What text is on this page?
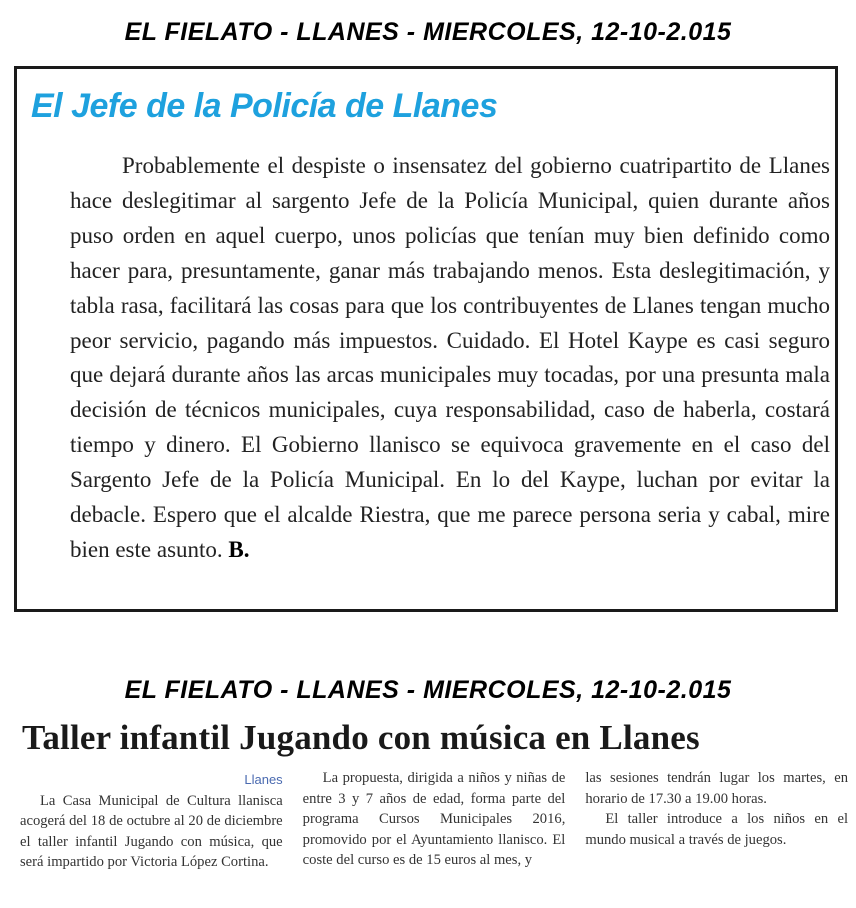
EL FIELATO - LLANES - MIERCOLES, 12-10-2.015
El Jefe de la Policía de Llanes
Probablemente el despiste o insensatez del gobierno cuatripartito de Llanes hace deslegitimar al sargento Jefe de la Policía Municipal, quien durante años puso orden en aquel cuerpo, unos policías que tenían muy bien definido como hacer para, presuntamente, ganar más trabajando menos. Esta deslegitimación, y tabla rasa, facilitará las cosas para que los contribuyentes de Llanes tengan mucho peor servicio, pagando más impuestos. Cuidado. El Hotel Kaype es casi seguro que dejará durante años las arcas municipales muy tocadas, por una presunta mala decisión de técnicos municipales, cuya responsabilidad, caso de haberla, costará tiempo y dinero. El Gobierno llanisco se equivoca gravemente en el caso del Sargento Jefe de la Policía Municipal. En lo del Kaype, luchan por evitar la debacle. Espero que el alcalde Riestra, que me parece persona seria y cabal, mire bien este asunto. B.
EL FIELATO - LLANES - MIERCOLES, 12-10-2.015
Taller infantil Jugando con música en Llanes
Llanes

La Casa Municipal de Cultura llanisca acogerá del 18 de octubre al 20 de diciembre el taller infantil Jugando con música, que será impartido por Victoria López Cortina.

La propuesta, dirigida a niños y niñas de entre 3 y 7 años de edad, forma parte del programa Cursos Municipales 2016, promovido por el Ayuntamiento llanisco. El coste del curso es de 15 euros al mes, y

las sesiones tendrán lugar los martes, en horario de 17.30 a 19.00 horas.

El taller introduce a los niños en el mundo musical a través de juegos.
